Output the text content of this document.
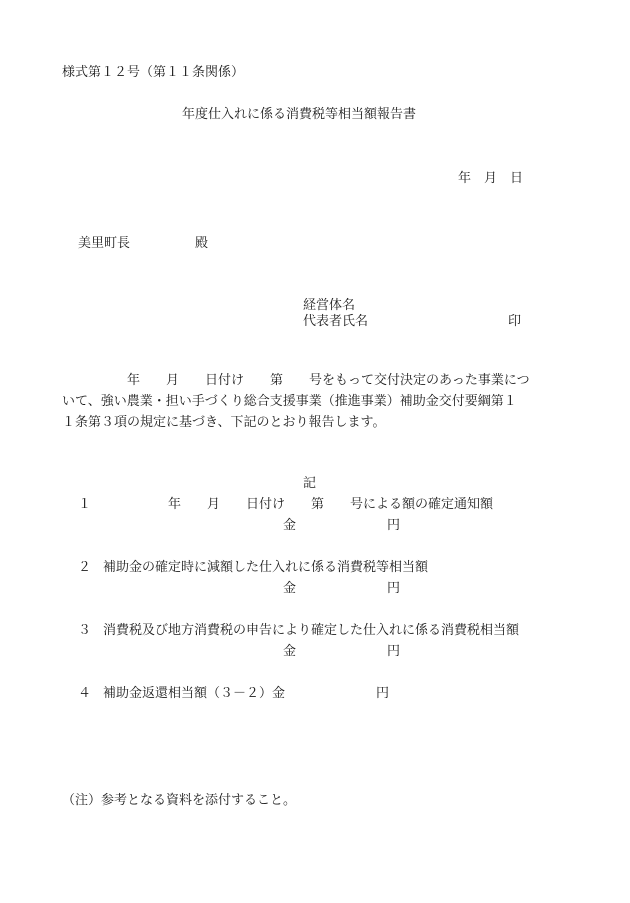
様式第１２号（第１１条関係）
年度仕入れに係る消費税等相当額報告書
年　月　日
美里町長　　　　　殿
経営体名
代表者氏名	印
　　　　　年　　月　　日付け　　第　　号をもって交付決定のあった事業につ
いて、強い農業・担い手づくり総合支援事業（推進事業）補助金交付要綱第１
１条第３項の規定に基づき、下記のとおり報告します。
記
１ 　　　　　年　　月　　日付け　　第　　号による額の確定通知額
金　　　　　　　円
２ 補助金の確定時に減額した仕入れに係る消費税等相当額
金　　　　　　　円
３ 消費税及び地方消費税の申告により確定した仕入れに係る消費税相当額
金　　　　　　　円
４ 補助金返還相当額（３－２）金　　　　　　　円
（注）参考となる資料を添付すること。
